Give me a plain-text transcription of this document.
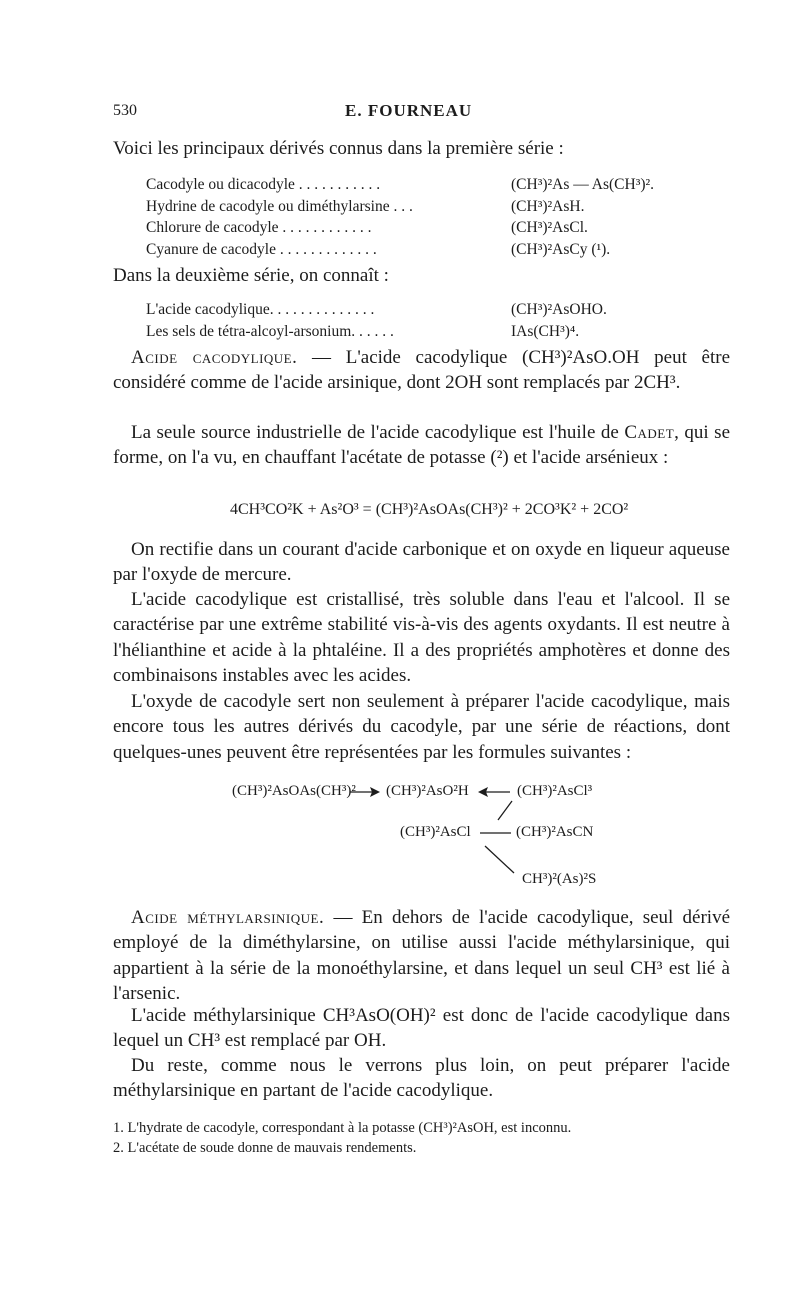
530	E. FOURNEAU
Voici les principaux dérivés connus dans la première série :
Cacodyle ou dicacodyle . . . . . . . . . . .	(CH³)²As — As(CH³)².
Hydrine de cacodyle ou diméthylarsine . . .	(CH³)²AsH.
Chlorure de cacodyle . . . . . . . . . . . .	(CH³)²AsCl.
Cyanure de cacodyle . . . . . . . . . . . . .	(CH³)²AsCy (¹).
Dans la deuxième série, on connaît :
L'acide cacodylique. . . . . . . . . . . . . .	(CH³)²AsOHO.
Les sels de tétra-alcoyl-arsonium. . . . . .	IAs(CH³)⁴.
Acide cacodylique. — L'acide cacodylique (CH³)²AsO.OH peut être considéré comme de l'acide arsinique, dont 2OH sont remplacés par 2CH³.
La seule source industrielle de l'acide cacodylique est l'huile de Cadet, qui se forme, on l'a vu, en chauffant l'acétate de potasse (²) et l'acide arsénieux :
4CH³CO²K + As²O³ = (CH³)²AsOAs(CH³)² + 2CO³K² + 2CO²
On rectifie dans un courant d'acide carbonique et on oxyde en liqueur aqueuse par l'oxyde de mercure.
L'acide cacodylique est cristallisé, très soluble dans l'eau et l'alcool. Il se caractérise par une extrême stabilité vis-à-vis des agents oxydants. Il est neutre à l'hélianthine et acide à la phtaléine. Il a des propriétés amphotères et donne des combinaisons instables avec les acides.
L'oxyde de cacodyle sert non seulement à préparer l'acide cacodylique, mais encore tous les autres dérivés du cacodyle, par une série de réactions, dont quelques-unes peuvent être représentées par les formules suivantes :
(CH³)²AsOAs(CH³)² (CH³)²AsO²H	(CH³)²AsCl³
(CH³)²AsCl	(CH³)²AsCN
CH³)²(As)²S
Acide méthylarsinique. — En dehors de l'acide cacodylique, seul dérivé employé de la diméthylarsine, on utilise aussi l'acide méthylarsinique, qui appartient à la série de la monoéthylarsine, et dans lequel un seul CH³ est lié à l'arsenic.
L'acide méthylarsinique CH³AsO(OH)² est donc de l'acide cacodylique dans lequel un CH³ est remplacé par OH.
Du reste, comme nous le verrons plus loin, on peut préparer l'acide méthylarsinique en partant de l'acide cacodylique.
1. L'hydrate de cacodyle, correspondant à la potasse (CH³)²AsOH, est inconnu.
2. L'acétate de soude donne de mauvais rendements.
